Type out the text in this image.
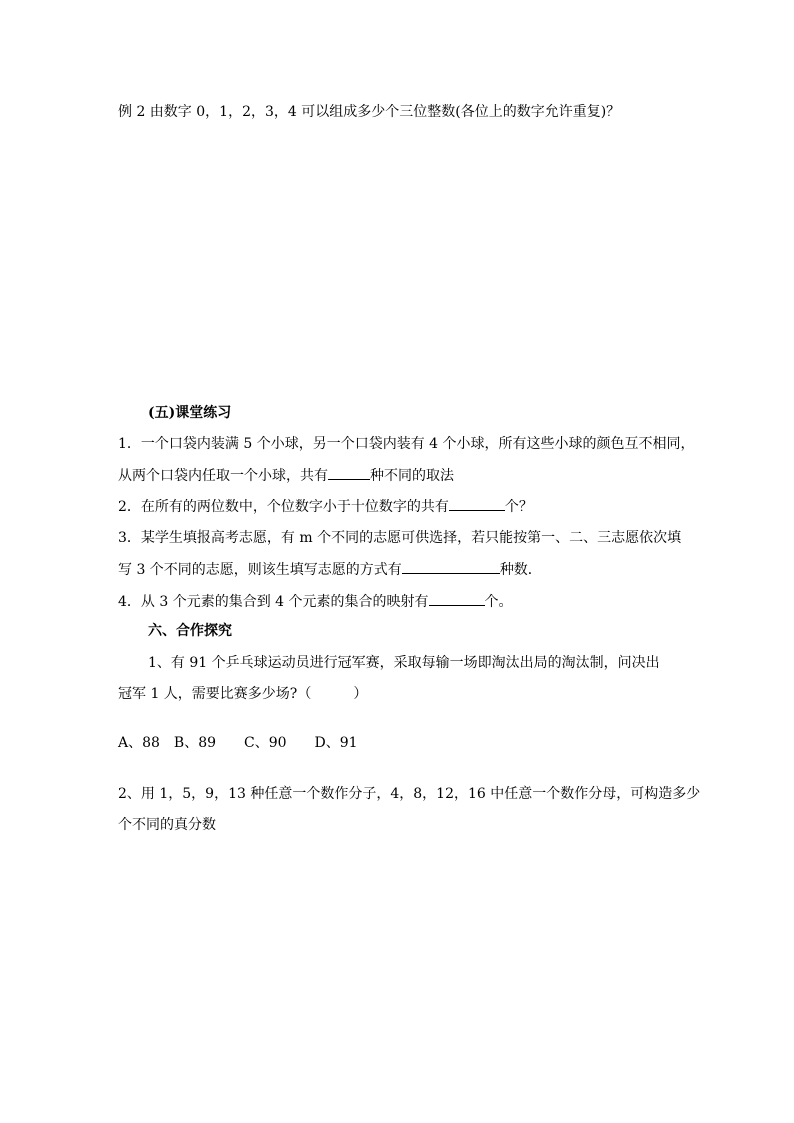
例 2 由数字 0，1，2，3，4 可以组成多少个三位整数(各位上的数字允许重复)？
(五)课堂练习
1．一个口袋内装满 5 个小球，另一个口袋内装有 4 个小球，所有这些小球的颜色互不相同，
从两个口袋内任取一个小球，共有	种不同的取法
2．在所有的两位数中，个位数字小于十位数字的共有	个？
3．某学生填报高考志愿，有 m 个不同的志愿可供选择，若只能按第一、二、三志愿依次填
写 3 个不同的志愿，则该生填写志愿的方式有	种数．
4．从 3 个元素的集合到 4 个元素的集合的映射有	个。
六、合作探究
1、有 91 个乒乓球运动员进行冠军赛，采取每输一场即淘汰出局的淘汰制，问决出
冠军 1 人，需要比赛多少场?（　　　）
A、88　B、89　　C、90　　D、91
2、用 1，5，9，13 种任意一个数作分子，4，8，12，16 中任意一个数作分母，可构造多少
个不同的真分数
